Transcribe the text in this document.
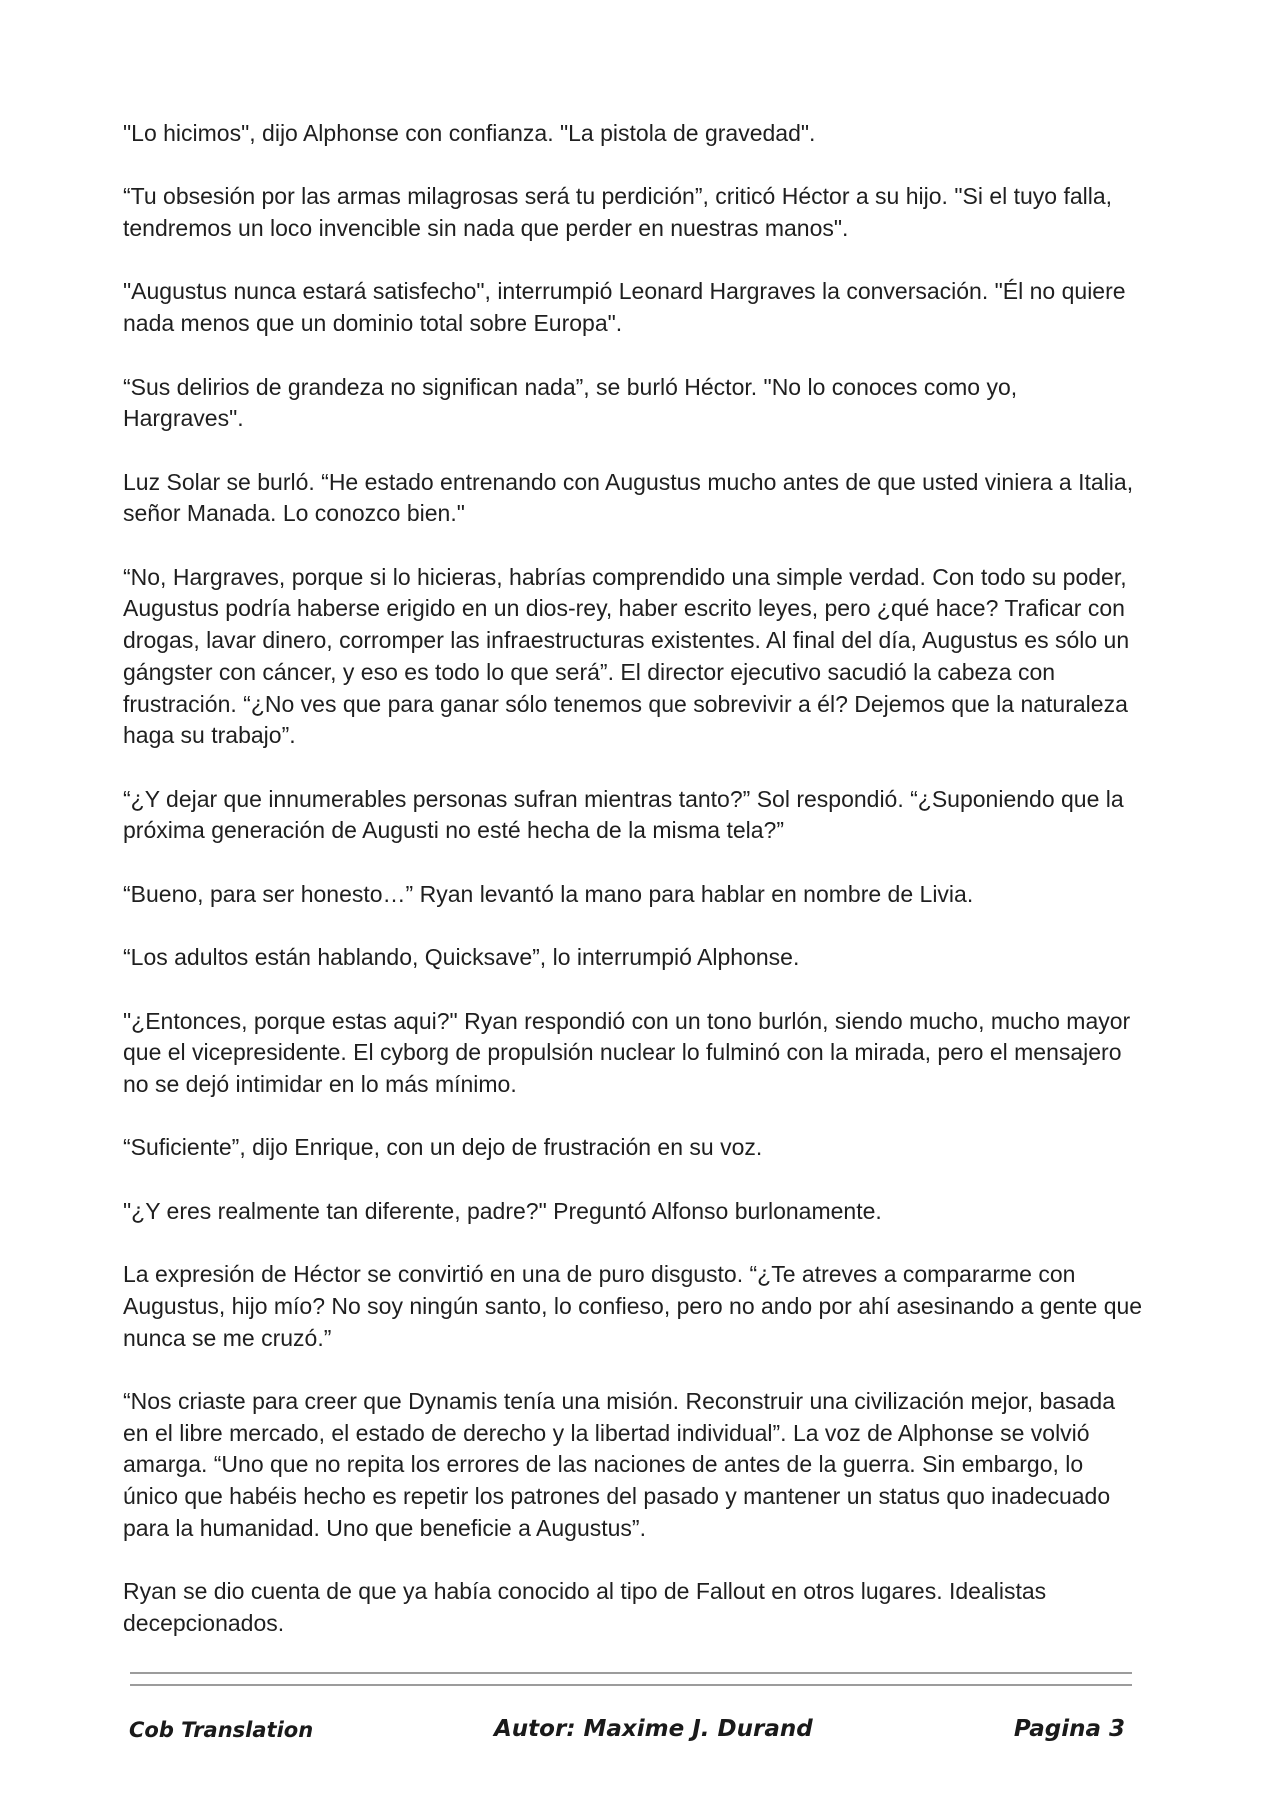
"Lo hicimos", dijo Alphonse con confianza. "La pistola de gravedad".

“Tu obsesión por las armas milagrosas será tu perdición”, criticó Héctor a su hijo. "Si el tuyo falla, tendremos un loco invencible sin nada que perder en nuestras manos".

"Augustus nunca estará satisfecho", interrumpió Leonard Hargraves la conversación. "Él no quiere nada menos que un dominio total sobre Europa".

“Sus delirios de grandeza no significan nada”, se burló Héctor. "No lo conoces como yo, Hargraves".

Luz Solar se burló. “He estado entrenando con Augustus mucho antes de que usted viniera a Italia, señor Manada. Lo conozco bien."

“No, Hargraves, porque si lo hicieras, habrías comprendido una simple verdad. Con todo su poder, Augustus podría haberse erigido en un dios-rey, haber escrito leyes, pero ¿qué hace? Traficar con drogas, lavar dinero, corromper las infraestructuras existentes. Al final del día, Augustus es sólo un gángster con cáncer, y eso es todo lo que será”. El director ejecutivo sacudió la cabeza con frustración. “¿No ves que para ganar sólo tenemos que sobrevivir a él? Dejemos que la naturaleza haga su trabajo”.

“¿Y dejar que innumerables personas sufran mientras tanto?” Sol respondió. “¿Suponiendo que la próxima generación de Augusti no esté hecha de la misma tela?”

“Bueno, para ser honesto…” Ryan levantó la mano para hablar en nombre de Livia.

“Los adultos están hablando, Quicksave”, lo interrumpió Alphonse.

"¿Entonces, porque estas aqui?" Ryan respondió con un tono burlón, siendo mucho, mucho mayor que el vicepresidente. El cyborg de propulsión nuclear lo fulminó con la mirada, pero el mensajero no se dejó intimidar en lo más mínimo.

“Suficiente”, dijo Enrique, con un dejo de frustración en su voz.

"¿Y eres realmente tan diferente, padre?" Preguntó Alfonso burlonamente.

La expresión de Héctor se convirtió en una de puro disgusto. “¿Te atreves a compararme con Augustus, hijo mío? No soy ningún santo, lo confieso, pero no ando por ahí asesinando a gente que nunca se me cruzó.”

“Nos criaste para creer que Dynamis tenía una misión. Reconstruir una civilización mejor, basada en el libre mercado, el estado de derecho y la libertad individual”. La voz de Alphonse se volvió amarga. “Uno que no repita los errores de las naciones de antes de la guerra. Sin embargo, lo único que habéis hecho es repetir los patrones del pasado y mantener un status quo inadecuado para la humanidad. Uno que beneficie a Augustus”.

Ryan se dio cuenta de que ya había conocido al tipo de Fallout en otros lugares. Idealistas decepcionados.

Cob Translation	Autor: Maxime J. Durand	Pagina 3
